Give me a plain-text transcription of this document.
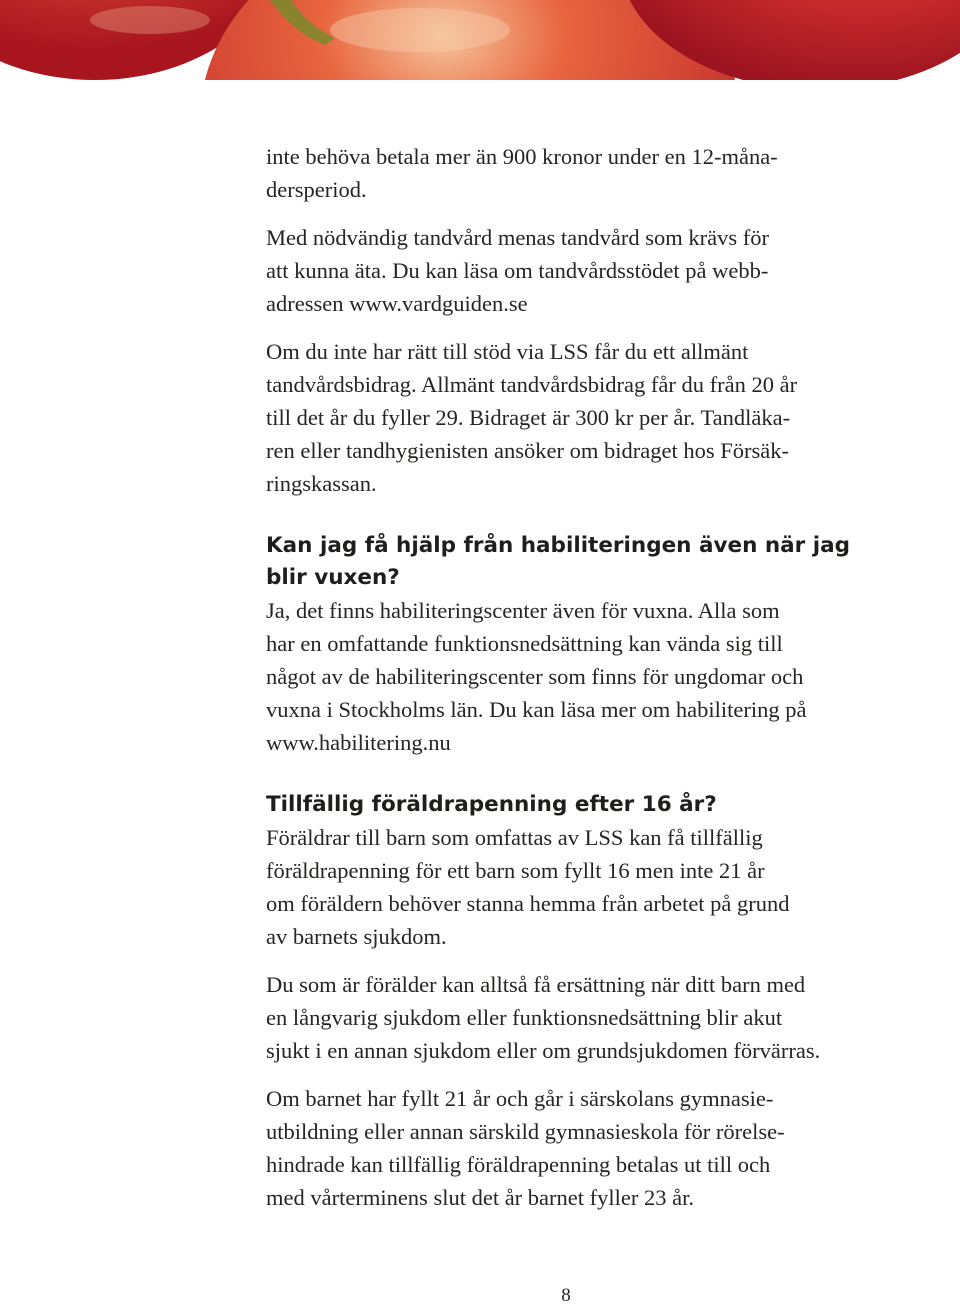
inte behöva betala mer än 900 kronor under en 12-måna-
dersperiod.

Med nödvändig tandvård menas tandvård som krävs för
att kunna äta. Du kan läsa om tandvårdsstödet på webb-
adressen www.vardguiden.se

Om du inte har rätt till stöd via LSS får du ett allmänt
tandvårdsbidrag. Allmänt tandvårdsbidrag får du från 20 år
till det år du fyller 29. Bidraget är 300 kr per år. Tandläka-
ren eller tandhygienisten ansöker om bidraget hos Försäk-
ringskassan.

Kan jag få hjälp från habiliteringen även när jag
blir vuxen?

Ja, det finns habiliteringscenter även för vuxna. Alla som
har en omfattande funktionsnedsättning kan vända sig till
något av de habiliteringscenter som finns för ungdomar och
vuxna i Stockholms län. Du kan läsa mer om habilitering på
www.habilitering.nu

Tillfällig föräldrapenning efter 16 år?

Föräldrar till barn som omfattas av LSS kan få tillfällig
föräldrapenning för ett barn som fyllt 16 men inte 21 år
om föräldern behöver stanna hemma från arbetet på grund
av barnets sjukdom.

Du som är förälder kan alltså få ersättning när ditt barn med
en långvarig sjukdom eller funktionsnedsättning blir akut
sjukt i en annan sjukdom eller om grundsjukdomen förvärras.

Om barnet har fyllt 21 år och går i särskolans gymnasie-
utbildning eller annan särskild gymnasieskola för rörelse-
hindrade kan tillfällig föräldrapenning betalas ut till och
med vårterminens slut det år barnet fyller 23 år.

8
